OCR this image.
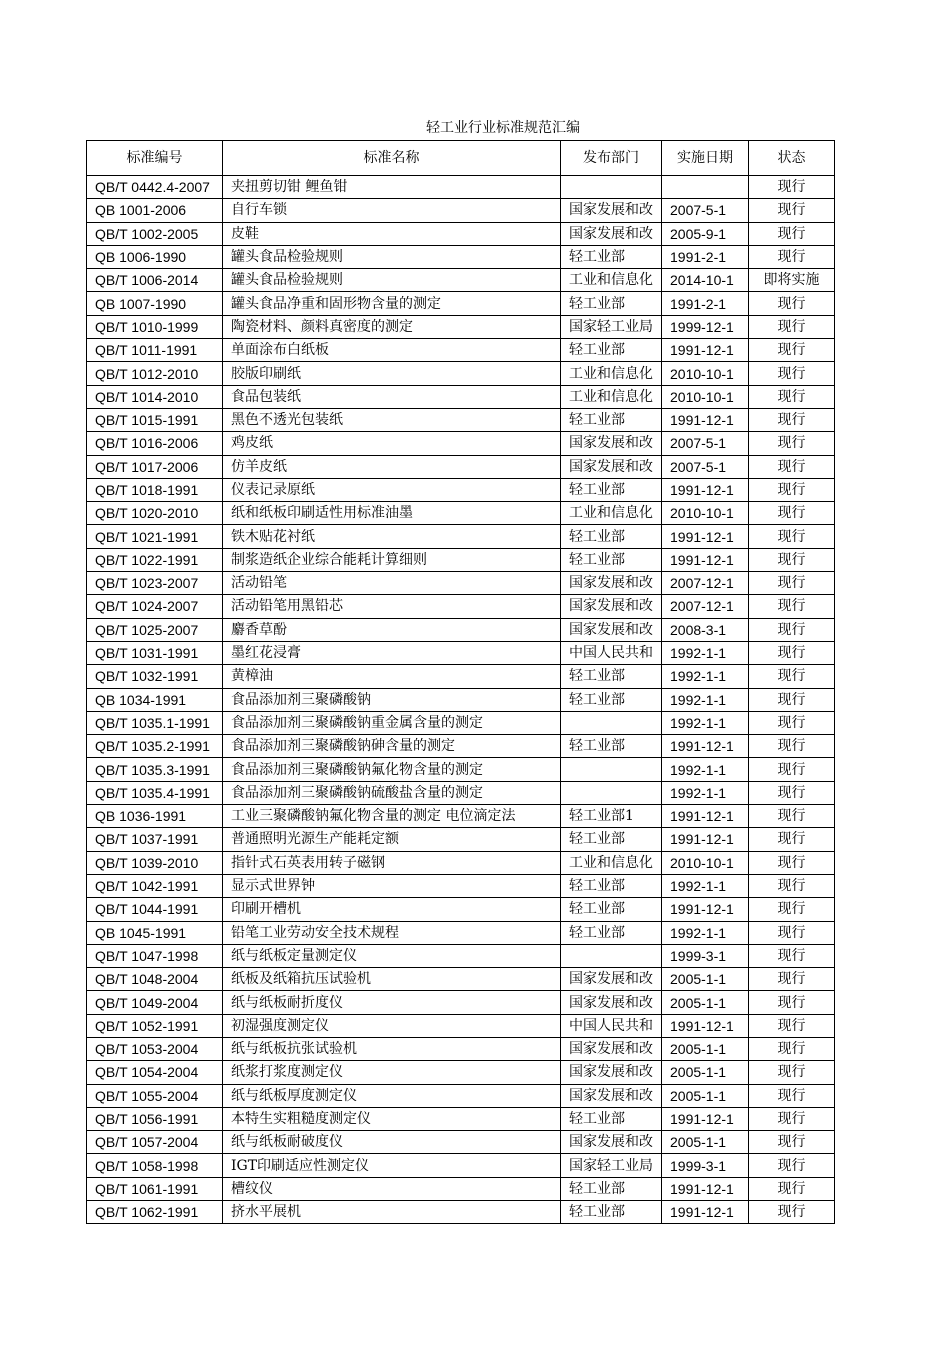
轻工业行业标准规范汇编
标准编号	标准名称	发布部门	实施日期	状态
QB/T 0442.4-2007	夹扭剪切钳 鲤鱼钳			现行
QB 1001-2006	自行车锁	国家发展和改	2007-5-1	现行
QB/T 1002-2005	皮鞋	国家发展和改	2005-9-1	现行
QB 1006-1990	罐头食品检验规则	轻工业部	1991-2-1	现行
QB/T 1006-2014	罐头食品检验规则	工业和信息化	2014-10-1	即将实施
QB 1007-1990	罐头食品净重和固形物含量的测定	轻工业部	1991-2-1	现行
QB/T 1010-1999	陶瓷材料、颜料真密度的测定	国家轻工业局	1999-12-1	现行
QB/T 1011-1991	单面涂布白纸板	轻工业部	1991-12-1	现行
QB/T 1012-2010	胶版印刷纸	工业和信息化	2010-10-1	现行
QB/T 1014-2010	食品包装纸	工业和信息化	2010-10-1	现行
QB/T 1015-1991	黑色不透光包装纸	轻工业部	1991-12-1	现行
QB/T 1016-2006	鸡皮纸	国家发展和改	2007-5-1	现行
QB/T 1017-2006	仿羊皮纸	国家发展和改	2007-5-1	现行
QB/T 1018-1991	仪表记录原纸	轻工业部	1991-12-1	现行
QB/T 1020-2010	纸和纸板印刷适性用标准油墨	工业和信息化	2010-10-1	现行
QB/T 1021-1991	铁木贴花衬纸	轻工业部	1991-12-1	现行
QB/T 1022-1991	制浆造纸企业综合能耗计算细则	轻工业部	1991-12-1	现行
QB/T 1023-2007	活动铅笔	国家发展和改	2007-12-1	现行
QB/T 1024-2007	活动铅笔用黑铅芯	国家发展和改	2007-12-1	现行
QB/T 1025-2007	麝香草酚	国家发展和改	2008-3-1	现行
QB/T 1031-1991	墨红花浸膏	中国人民共和	1992-1-1	现行
QB/T 1032-1991	黄樟油	轻工业部	1992-1-1	现行
QB 1034-1991	食品添加剂三聚磷酸钠	轻工业部	1992-1-1	现行
QB/T 1035.1-1991	食品添加剂三聚磷酸钠重金属含量的测定		1992-1-1	现行
QB/T 1035.2-1991	食品添加剂三聚磷酸钠砷含量的测定	轻工业部	1991-12-1	现行
QB/T 1035.3-1991	食品添加剂三聚磷酸钠氟化物含量的测定		1992-1-1	现行
QB/T 1035.4-1991	食品添加剂三聚磷酸钠硫酸盐含量的测定		1992-1-1	现行
QB 1036-1991	工业三聚磷酸钠氟化物含量的测定 电位滴定法	轻工业部1	1991-12-1	现行
QB/T 1037-1991	普通照明光源生产能耗定额	轻工业部	1991-12-1	现行
QB/T 1039-2010	指针式石英表用转子磁钢	工业和信息化	2010-10-1	现行
QB/T 1042-1991	显示式世界钟	轻工业部	1992-1-1	现行
QB/T 1044-1991	印刷开槽机	轻工业部	1991-12-1	现行
QB 1045-1991	铅笔工业劳动安全技术规程	轻工业部	1992-1-1	现行
QB/T 1047-1998	纸与纸板定量测定仪		1999-3-1	现行
QB/T 1048-2004	纸板及纸箱抗压试验机	国家发展和改	2005-1-1	现行
QB/T 1049-2004	纸与纸板耐折度仪	国家发展和改	2005-1-1	现行
QB/T 1052-1991	初湿强度测定仪	中国人民共和	1991-12-1	现行
QB/T 1053-2004	纸与纸板抗张试验机	国家发展和改	2005-1-1	现行
QB/T 1054-2004	纸浆打浆度测定仪	国家发展和改	2005-1-1	现行
QB/T 1055-2004	纸与纸板厚度测定仪	国家发展和改	2005-1-1	现行
QB/T 1056-1991	本特生实粗糙度测定仪	轻工业部	1991-12-1	现行
QB/T 1057-2004	纸与纸板耐破度仪	国家发展和改	2005-1-1	现行
QB/T 1058-1998	IGT印刷适应性测定仪	国家轻工业局	1999-3-1	现行
QB/T 1061-1991	槽纹仪	轻工业部	1991-12-1	现行
QB/T 1062-1991	挤水平展机	轻工业部	1991-12-1	现行
